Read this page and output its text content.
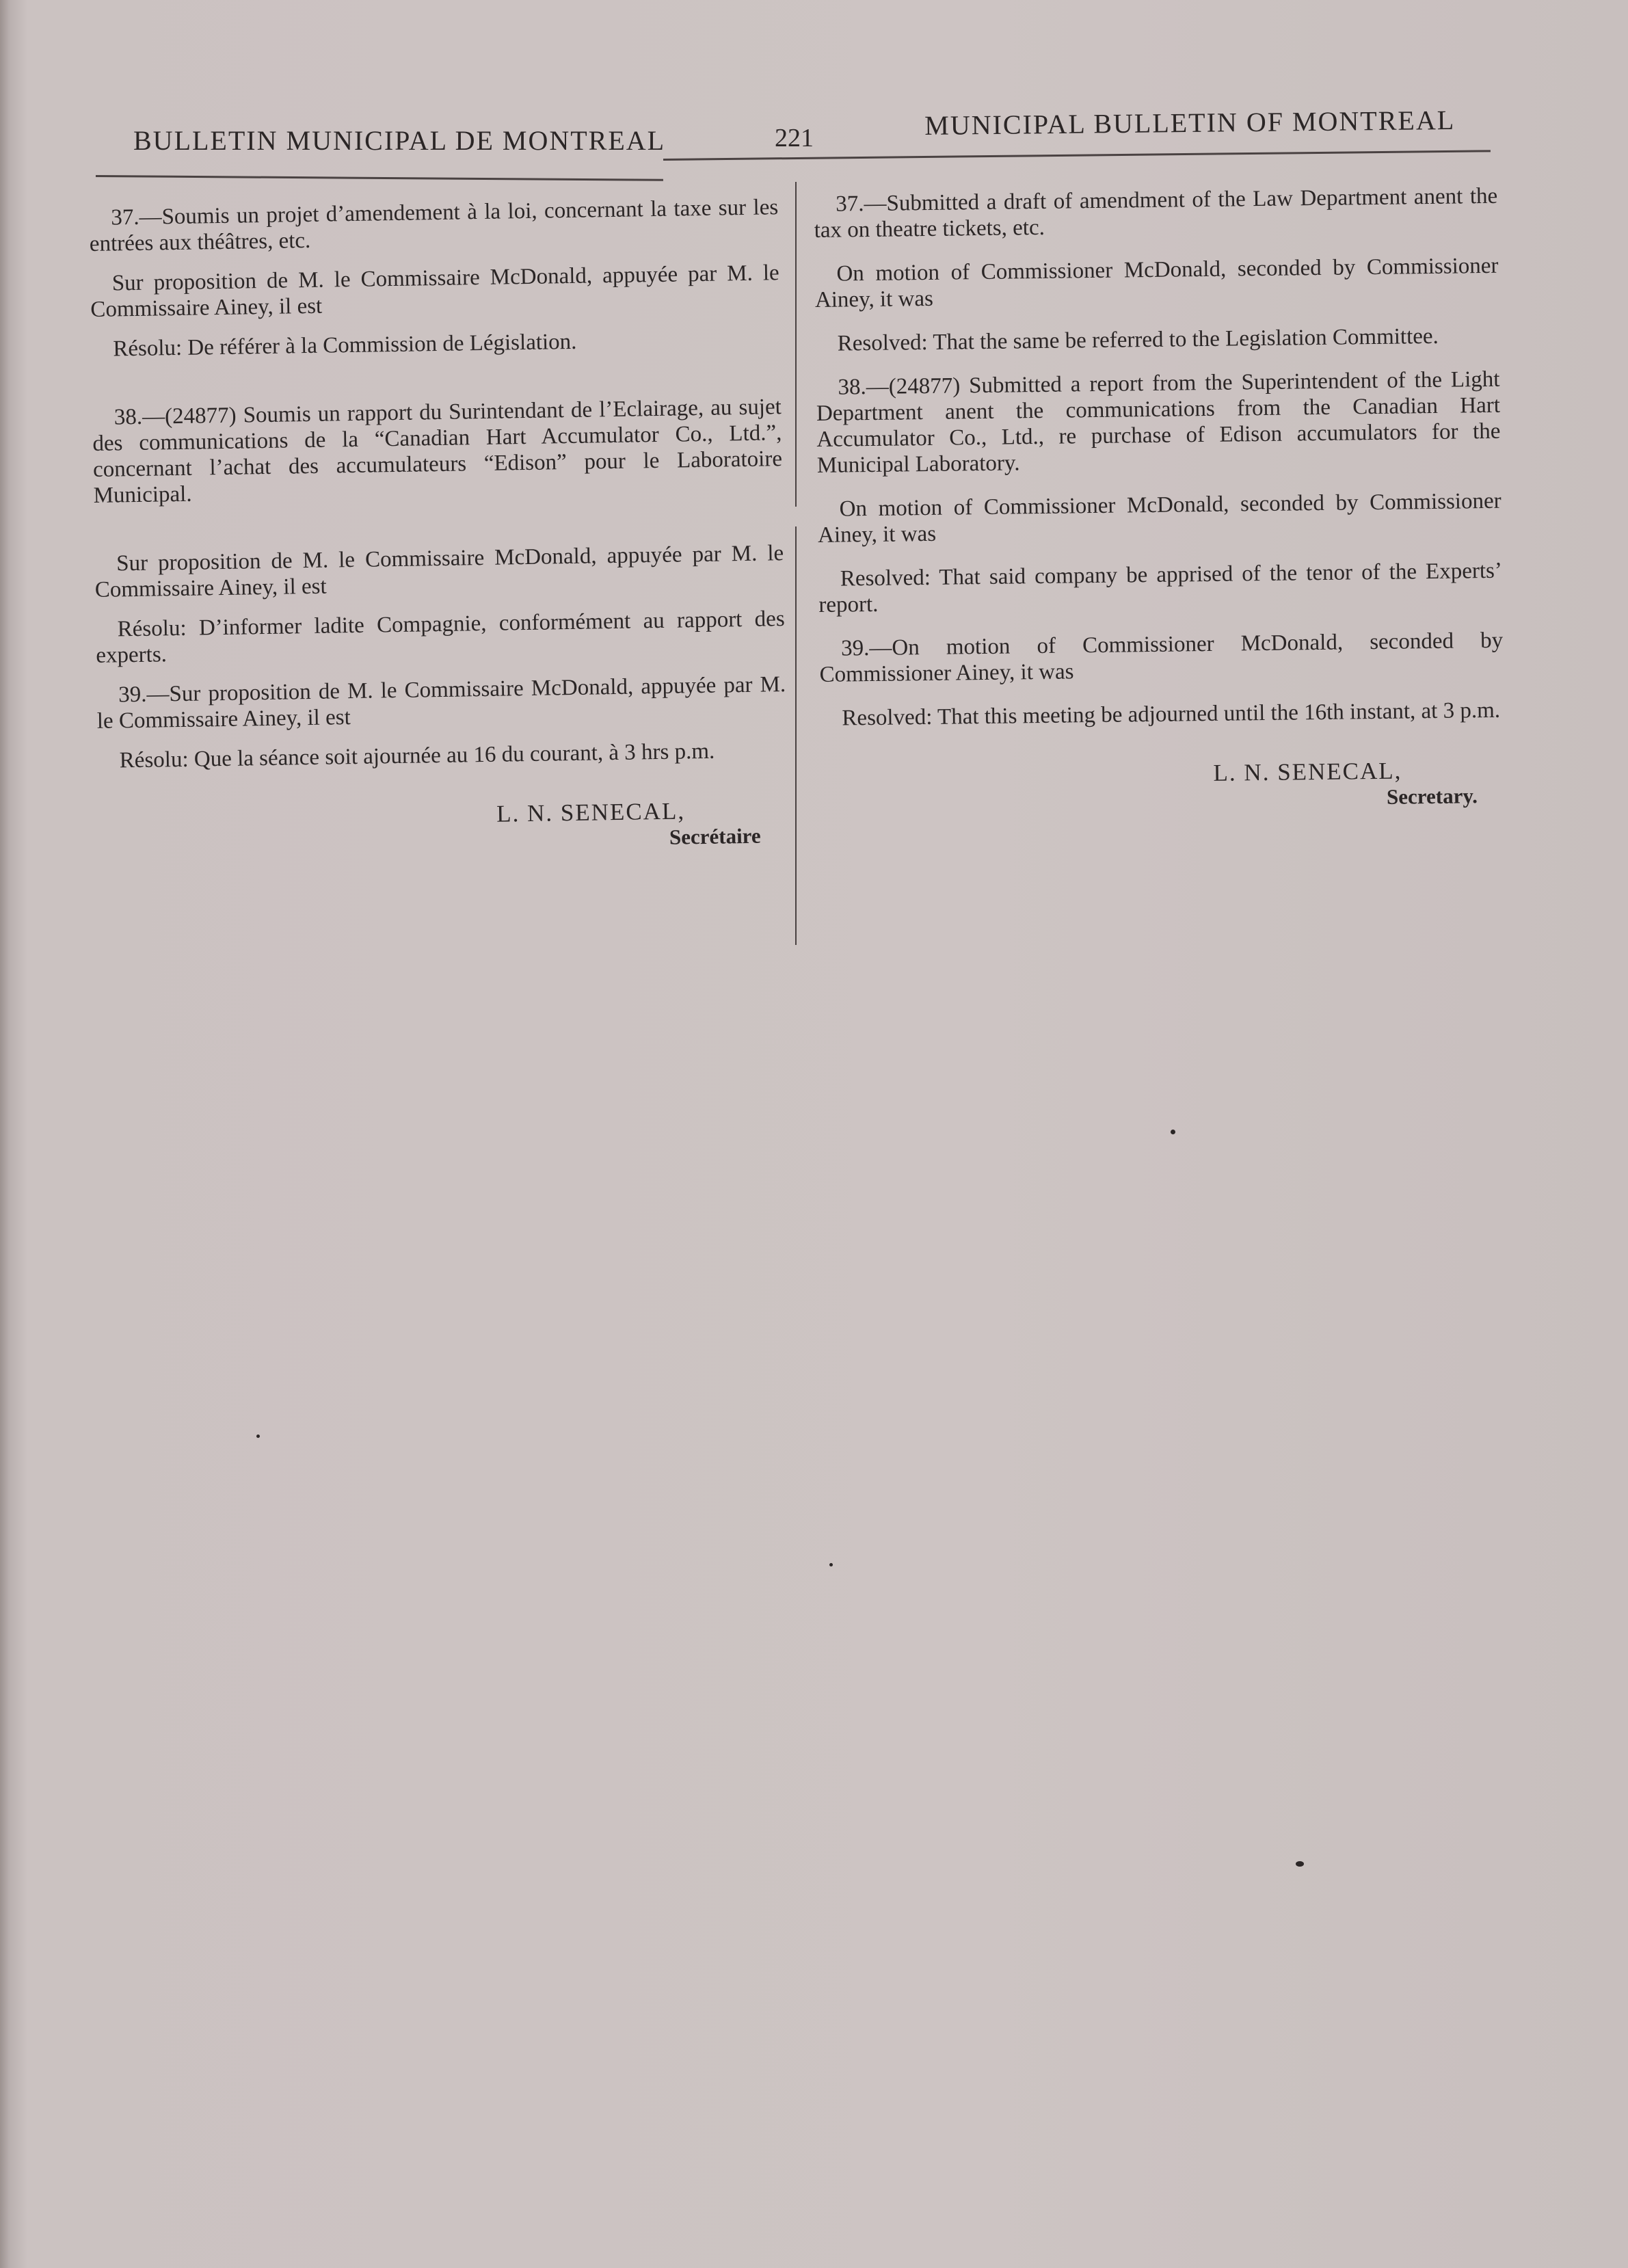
BULLETIN MUNICIPAL DE MONTREAL	221	MUNICIPAL BULLETIN OF MONTREAL

37.—Soumis un projet d’amendement à la loi, concernant la taxe sur les entrées aux théâtres, etc.

Sur proposition de M. le Commissaire McDonald, appuyée par M. le Commissaire Ainey, il est

Résolu: De référer à la Commission de Législation.

38.—(24877) Soumis un rapport du Surintendant de l’Eclairage, au sujet des communications de la “Canadian Hart Accumulator Co., Ltd.”, concernant l’achat des accumulateurs “Edison” pour le Laboratoire Municipal.

Sur proposition de M. le Commissaire McDonald, appuyée par M. le Commissaire Ainey, il est

Résolu: D’informer ladite Compagnie, conformément au rapport des experts.

39.—Sur proposition de M. le Commissaire McDonald, appuyée par M. le Commissaire Ainey, il est

Résolu: Que la séance soit ajournée au 16 du courant, à 3 hrs p.m.

L. N. SENECAL,

Secrétaire

37.—Submitted a draft of amendment of the Law Department anent the tax on theatre tickets, etc.

On motion of Commissioner McDonald, seconded by Commissioner Ainey, it was

Resolved: That the same be referred to the Legislation Committee.

38.—(24877) Submitted a report from the Superintendent of the Light Department anent the communications from the Canadian Hart Accumulator Co., Ltd., re purchase of Edison accumulators for the Municipal Laboratory.

On motion of Commissioner McDonald, seconded by Commissioner Ainey, it was

Resolved: That said company be apprised of the tenor of the Experts’ report.

39.—On motion of Commissioner McDonald, seconded by Commissioner Ainey, it was

Resolved: That this meeting be adjourned until the 16th instant, at 3 p.m.

L. N. SENECAL,

Secretary.
